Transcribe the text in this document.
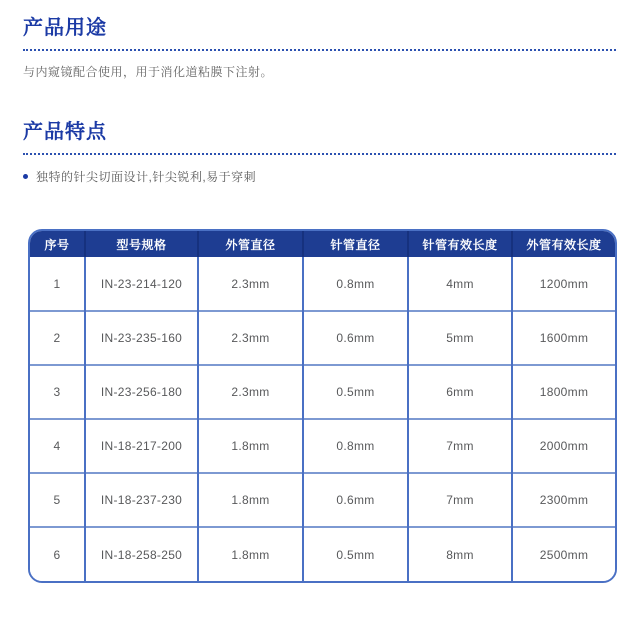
产品用途

与内窥镜配合使用，用于消化道粘膜下注射。

产品特点
独特的针尖切面设计,针尖锐利,易于穿刺
序号	型号规格	外管直径	针管直径	针管有效长度	外管有效长度
1	IN-23-214-120	2.3mm	0.8mm	4mm	1200mm
2	IN-23-235-160	2.3mm	0.6mm	5mm	1600mm
3	IN-23-256-180	2.3mm	0.5mm	6mm	1800mm
4	IN-18-217-200	1.8mm	0.8mm	7mm	2000mm
5	IN-18-237-230	1.8mm	0.6mm	7mm	2300mm
6	IN-18-258-250	1.8mm	0.5mm	8mm	2500mm
